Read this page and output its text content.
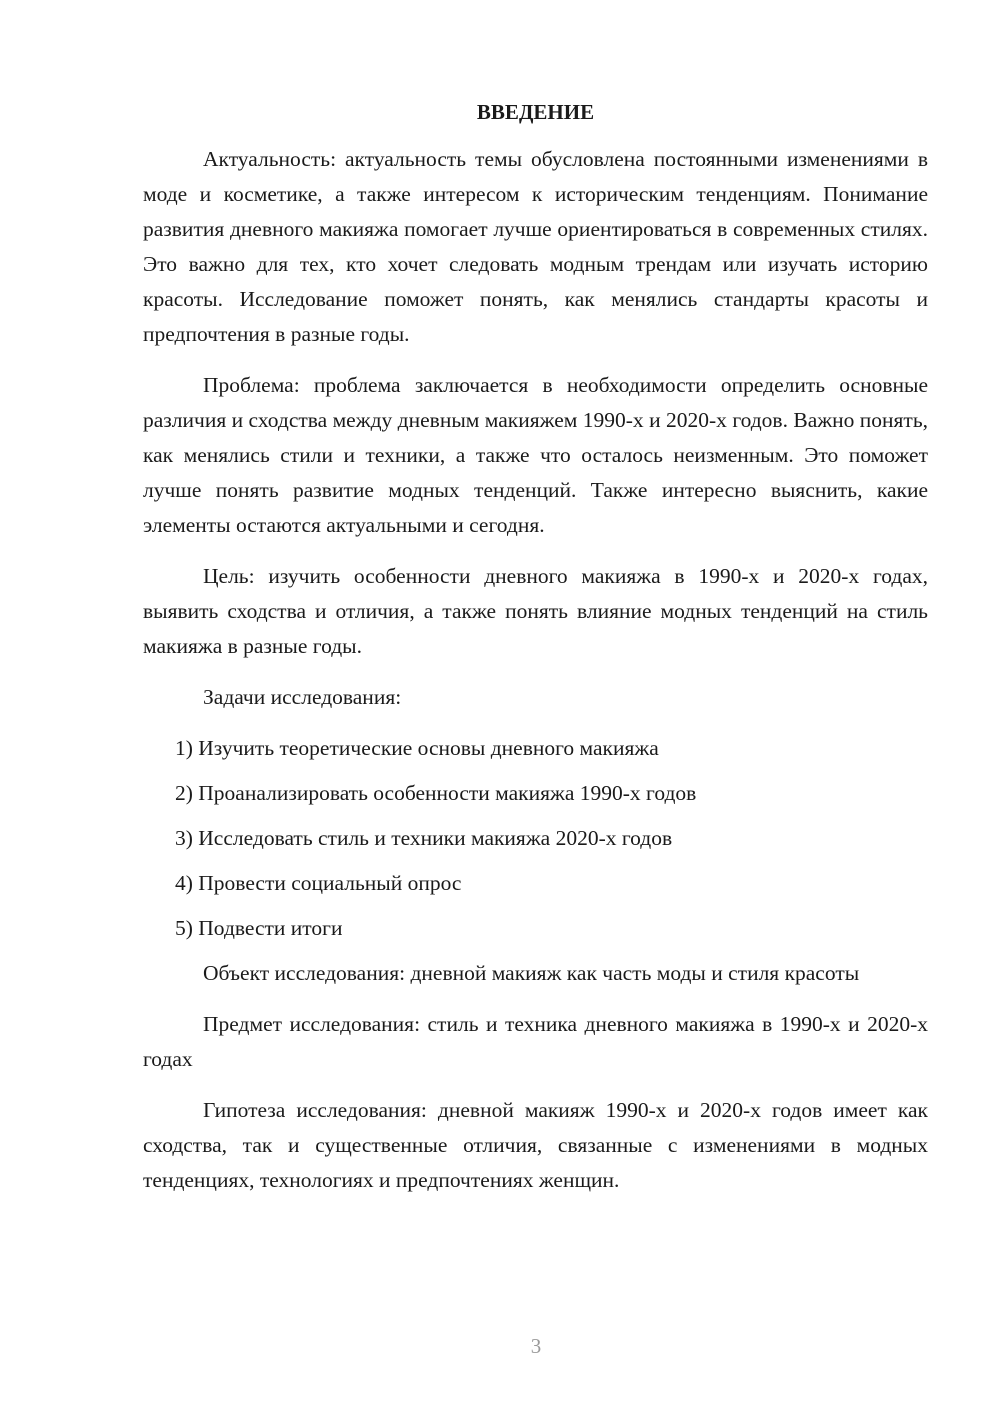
ВВЕДЕНИЕ

Актуальность: актуальность темы обусловлена постоянными изменениями в моде и косметике, а также интересом к историческим тенденциям. Понимание развития дневного макияжа помогает лучше ориентироваться в современных стилях. Это важно для тех, кто хочет следовать модным трендам или изучать историю красоты. Исследование поможет понять, как менялись стандарты красоты и предпочтения в разные годы.

Проблема: проблема заключается в необходимости определить основные различия и сходства между дневным макияжем 1990-х и 2020-х годов. Важно понять, как менялись стили и техники, а также что осталось неизменным. Это поможет лучше понять развитие модных тенденций. Также интересно выяснить, какие элементы остаются актуальными и сегодня.

Цель: изучить особенности дневного макияжа в 1990-х и 2020-х годах, выявить сходства и отличия, а также понять влияние модных тенденций на стиль макияжа в разные годы.

Задачи исследования:

1) Изучить теоретические основы дневного макияжа
2) Проанализировать особенности макияжа 1990-х годов
3) Исследовать стиль и техники макияжа 2020-х годов
4) Провести социальный опрос
5) Подвести итоги

Объект исследования: дневной макияж как часть моды и стиля красоты

Предмет исследования: стиль и техника дневного макияжа в 1990-х и 2020-х годах

Гипотеза исследования: дневной макияж 1990-х и 2020-х годов имеет как сходства, так и существенные отличия, связанные с изменениями в модных тенденциях, технологиях и предпочтениях женщин.

3
